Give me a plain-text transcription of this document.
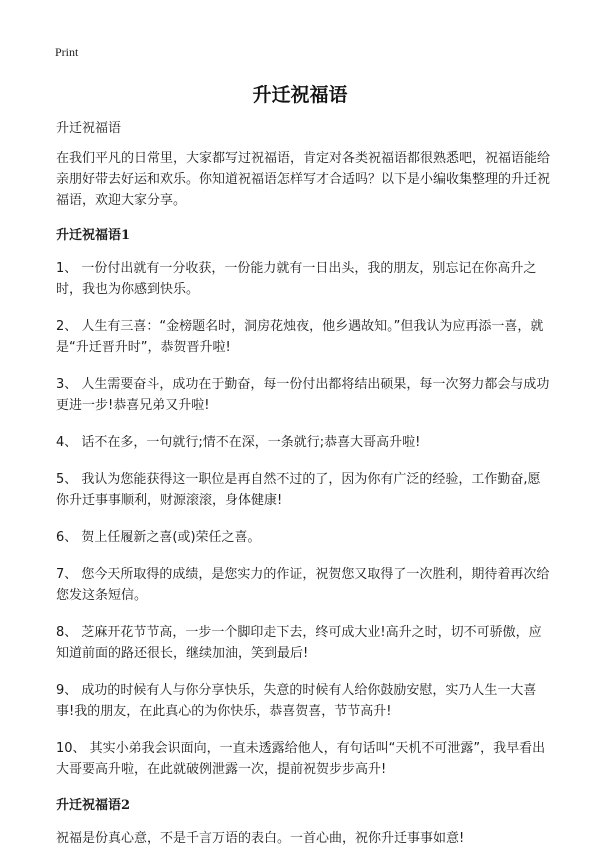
Print
升迁祝福语

升迁祝福语

在我们平凡的日常里，大家都写过祝福语，肯定对各类祝福语都很熟悉吧，祝福语能给亲朋好带去好运和欢乐。你知道祝福语怎样写才合适吗？以下是小编收集整理的升迁祝福语，欢迎大家分享。

升迁祝福语1

1、 一份付出就有一分收获，一份能力就有一日出头，我的朋友，别忘记在你高升之时，我也为你感到快乐。

2、 人生有三喜：“金榜题名时，洞房花烛夜，他乡遇故知。”但我认为应再添一喜，就是“升迁晋升时”，恭贺晋升啦!

3、 人生需要奋斗，成功在于勤奋，每一份付出都将结出硕果，每一次努力都会与成功更进一步!恭喜兄弟又升啦!

4、 话不在多，一句就行;情不在深，一条就行;恭喜大哥高升啦!

5、 我认为您能获得这一职位是再自然不过的了，因为你有广泛的经验，工作勤奋,愿你升迁事事顺利，财源滚滚，身体健康!

6、 贺上任履新之喜(或)荣任之喜。

7、 您今天所取得的成绩，是您实力的作证，祝贺您又取得了一次胜利，期待着再次给您发这条短信。

8、 芝麻开花节节高，一步一个脚印走下去，终可成大业!高升之时，切不可骄傲，应知道前面的路还很长，继续加油，笑到最后!

9、 成功的时候有人与你分享快乐，失意的时候有人给你鼓励安慰，实乃人生一大喜事!我的朋友，在此真心的为你快乐，恭喜贺喜，节节高升!

10、 其实小弟我会识面向，一直未透露给他人，有句话叫“天机不可泄露”，我早看出大哥要高升啦，在此就破例泄露一次，提前祝贺步步高升!

升迁祝福语2

祝福是份真心意，不是千言万语的表白。一首心曲，祝你升迁事事如意!
